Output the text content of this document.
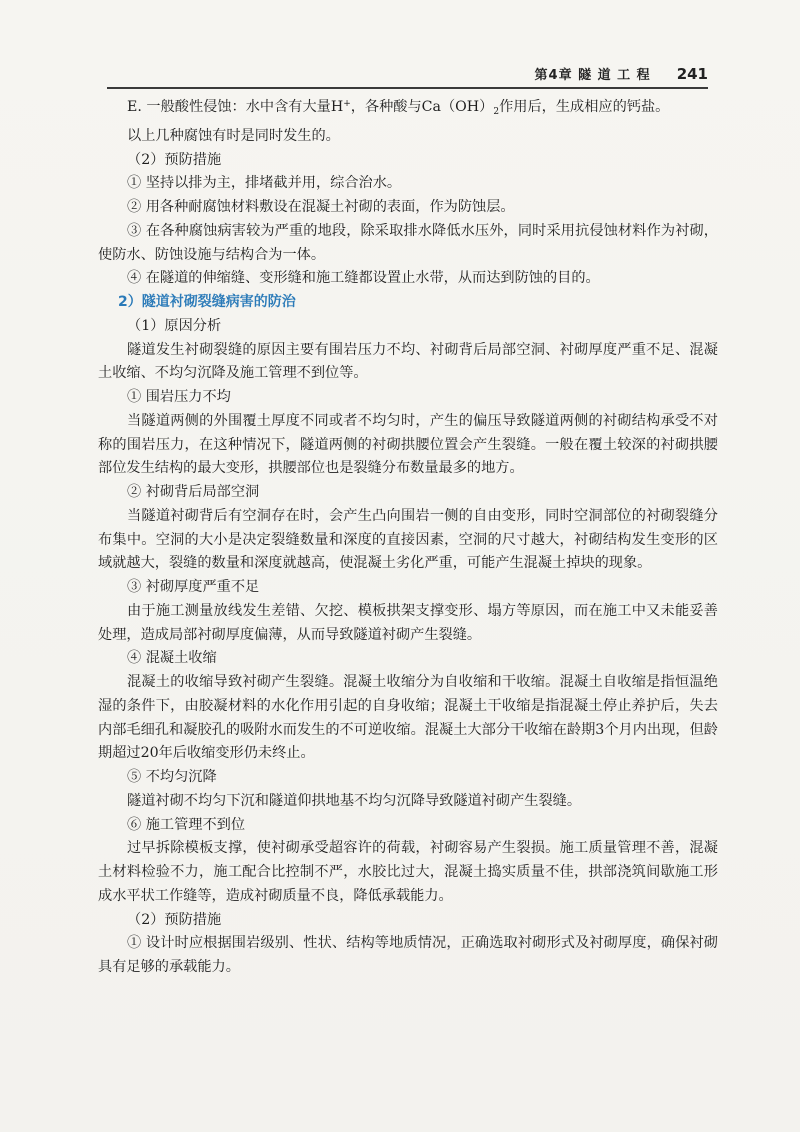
第4章 隧 道 工 程 241

E. 一般酸性侵蚀：水中含有大量H+，各种酸与$Ca(OH)_2$作用后，生成相应的钙盐。

以上几种腐蚀有时是同时发生的。

（2）预防措施

① 坚持以排为主，排堵截并用，综合治水。

② 用各种耐腐蚀材料敷设在混凝土衬砌的表面，作为防蚀层。

③ 在各种腐蚀病害较为严重的地段，除采取排水降低水压外，同时采用抗侵蚀材料作为衬砌，使防水、防蚀设施与结构合为一体。

④ 在隧道的伸缩缝、变形缝和施工缝都设置止水带，从而达到防蚀的目的。

2）隧道衬砌裂缝病害的防治

（1）原因分析

隧道发生衬砌裂缝的原因主要有围岩压力不均、衬砌背后局部空洞、衬砌厚度严重不足、混凝土收缩、不均匀沉降及施工管理不到位等。

① 围岩压力不均

当隧道两侧的外围覆土厚度不同或者不均匀时，产生的偏压导致隧道两侧的衬砌结构承受不对称的围岩压力，在这种情况下，隧道两侧的衬砌拱腰位置会产生裂缝。一般在覆土较深的衬砌拱腰部位发生结构的最大变形，拱腰部位也是裂缝分布数量最多的地方。

② 衬砌背后局部空洞

当隧道衬砌背后有空洞存在时，会产生凸向围岩一侧的自由变形，同时空洞部位的衬砌裂缝分布集中。空洞的大小是决定裂缝数量和深度的直接因素，空洞的尺寸越大，衬砌结构发生变形的区域就越大，裂缝的数量和深度就越高，使混凝土劣化严重，可能产生混凝土掉块的现象。

③ 衬砌厚度严重不足

由于施工测量放线发生差错、欠挖、模板拱架支撑变形、塌方等原因，而在施工中又未能妥善处理，造成局部衬砌厚度偏薄，从而导致隧道衬砌产生裂缝。

④ 混凝土收缩

混凝土的收缩导致衬砌产生裂缝。混凝土收缩分为自收缩和干收缩。混凝土自收缩是指恒温绝湿的条件下，由胶凝材料的水化作用引起的自身收缩；混凝土干收缩是指混凝土停止养护后，失去内部毛细孔和凝胶孔的吸附水而发生的不可逆收缩。混凝土大部分干收缩在龄期3个月内出现，但龄期超过20年后收缩变形仍未终止。

⑤ 不均匀沉降

隧道衬砌不均匀下沉和隧道仰拱地基不均匀沉降导致隧道衬砌产生裂缝。

⑥ 施工管理不到位

过早拆除模板支撑，使衬砌承受超容许的荷载，衬砌容易产生裂损。施工质量管理不善，混凝土材料检验不力，施工配合比控制不严，水胶比过大，混凝土捣实质量不佳，拱部浇筑间歇施工形成水平状工作缝等，造成衬砌质量不良，降低承载能力。

（2）预防措施

① 设计时应根据围岩级别、性状、结构等地质情况，正确选取衬砌形式及衬砌厚度，确保衬砌具有足够的承载能力。
